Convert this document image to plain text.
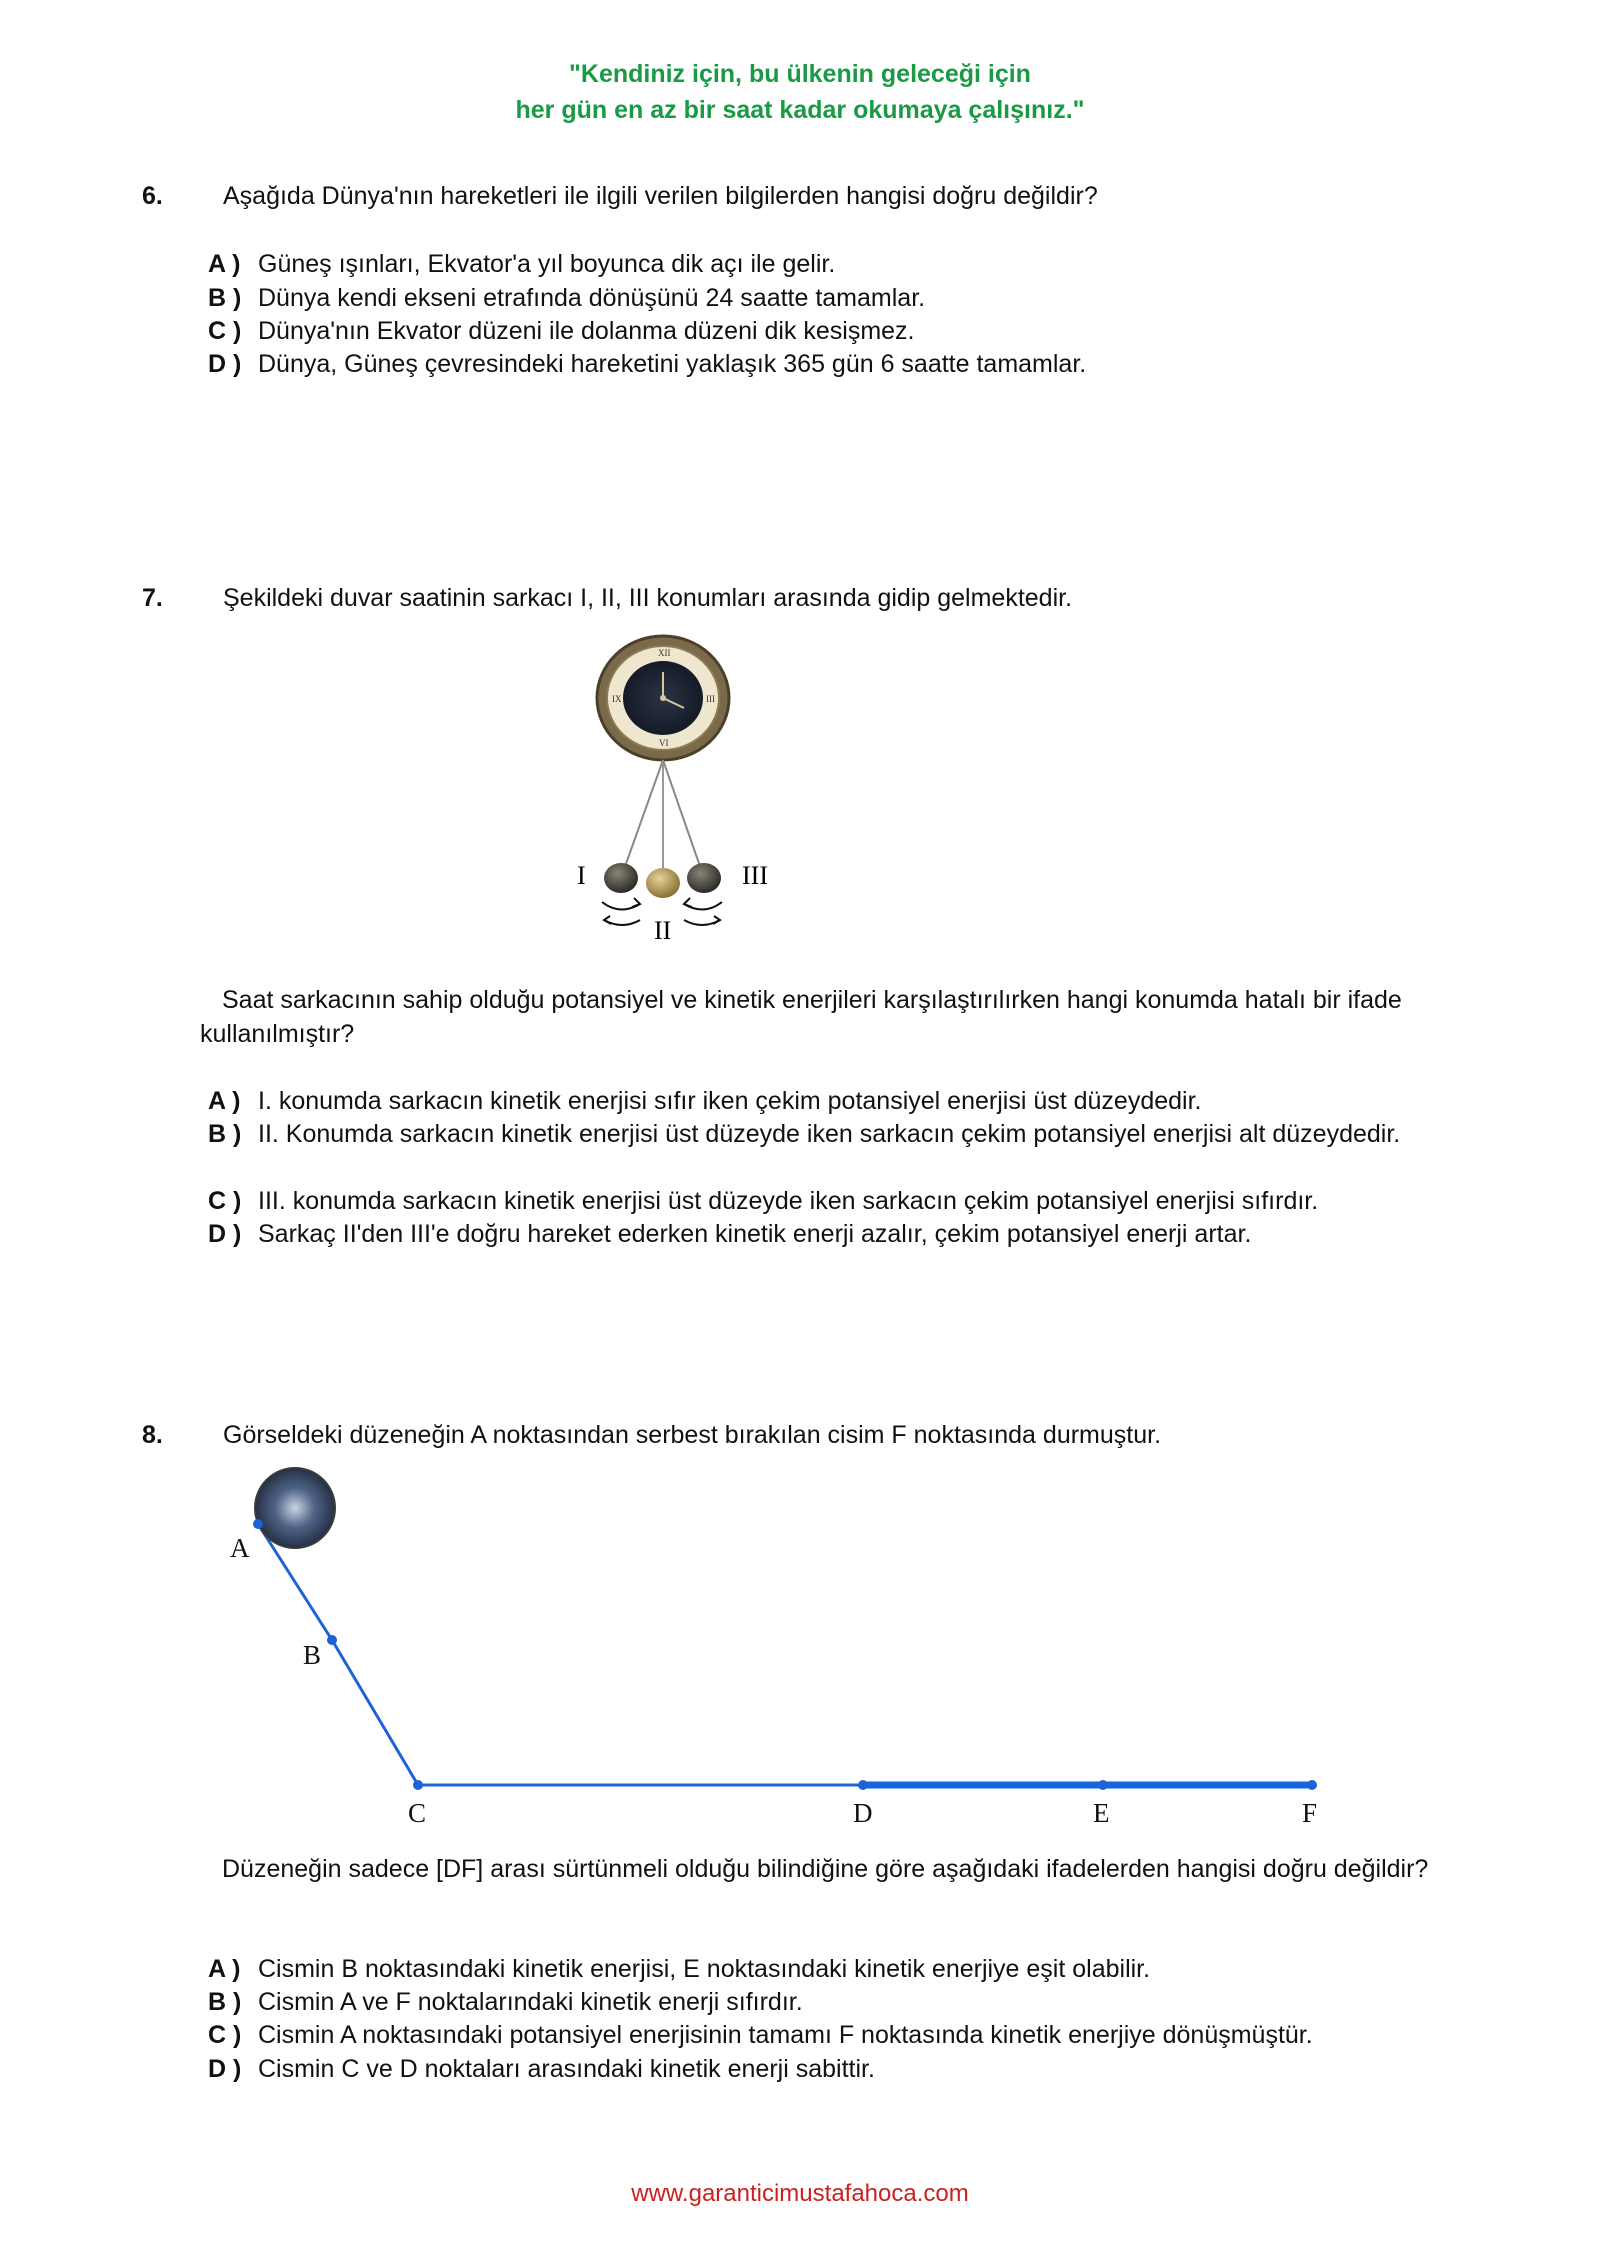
"Kendiniz için, bu ülkenin geleceği için
her gün en az bir saat kadar okumaya çalışınız."
6. Aşağıda Dünya'nın hareketleri ile ilgili verilen bilgilerden hangisi doğru değildir?
A ) Güneş ışınları, Ekvator'a yıl boyunca dik açı ile gelir.
B ) Dünya kendi ekseni etrafında dönüşünü 24 saatte tamamlar.
C ) Dünya'nın Ekvator düzeni ile dolanma düzeni dik kesişmez.
D ) Dünya, Güneş çevresindeki hareketini yaklaşık 365 gün 6 saatte tamamlar.
7. Şekildeki duvar saatinin sarkacı I, II, III konumları arasında gidip gelmektedir.
XII
III
VI
IX
I
II
III
Saat sarkacının sahip olduğu potansiyel ve kinetik enerjileri karşılaştırılırken hangi konumda hatalı bir ifade kullanılmıştır?
A ) I. konumda sarkacın kinetik enerjisi sıfır iken çekim potansiyel enerjisi üst düzeydedir.
B ) II. Konumda sarkacın kinetik enerjisi üst düzeyde iken sarkacın çekim potansiyel enerjisi alt düzeydedir.
C ) III. konumda sarkacın kinetik enerjisi üst düzeyde iken sarkacın çekim potansiyel enerjisi sıfırdır.
D ) Sarkaç II'den III'e doğru hareket ederken kinetik enerji azalır, çekim potansiyel enerji artar.
8. Görseldeki düzeneğin A noktasından serbest bırakılan cisim F noktasında durmuştur.
A
B
C	D	E	F
Düzeneğin sadece [DF] arası sürtünmeli olduğu bilindiğine göre aşağıdaki ifadelerden hangisi doğru değildir?
A ) Cismin B noktasındaki kinetik enerjisi, E noktasındaki kinetik enerjiye eşit olabilir.
B ) Cismin A ve F noktalarındaki kinetik enerji sıfırdır.
C ) Cismin A noktasındaki potansiyel enerjisinin tamamı F noktasında kinetik enerjiye dönüşmüştür.
D ) Cismin C ve D noktaları arasındaki kinetik enerji sabittir.
www.garanticimustafahoca.com
